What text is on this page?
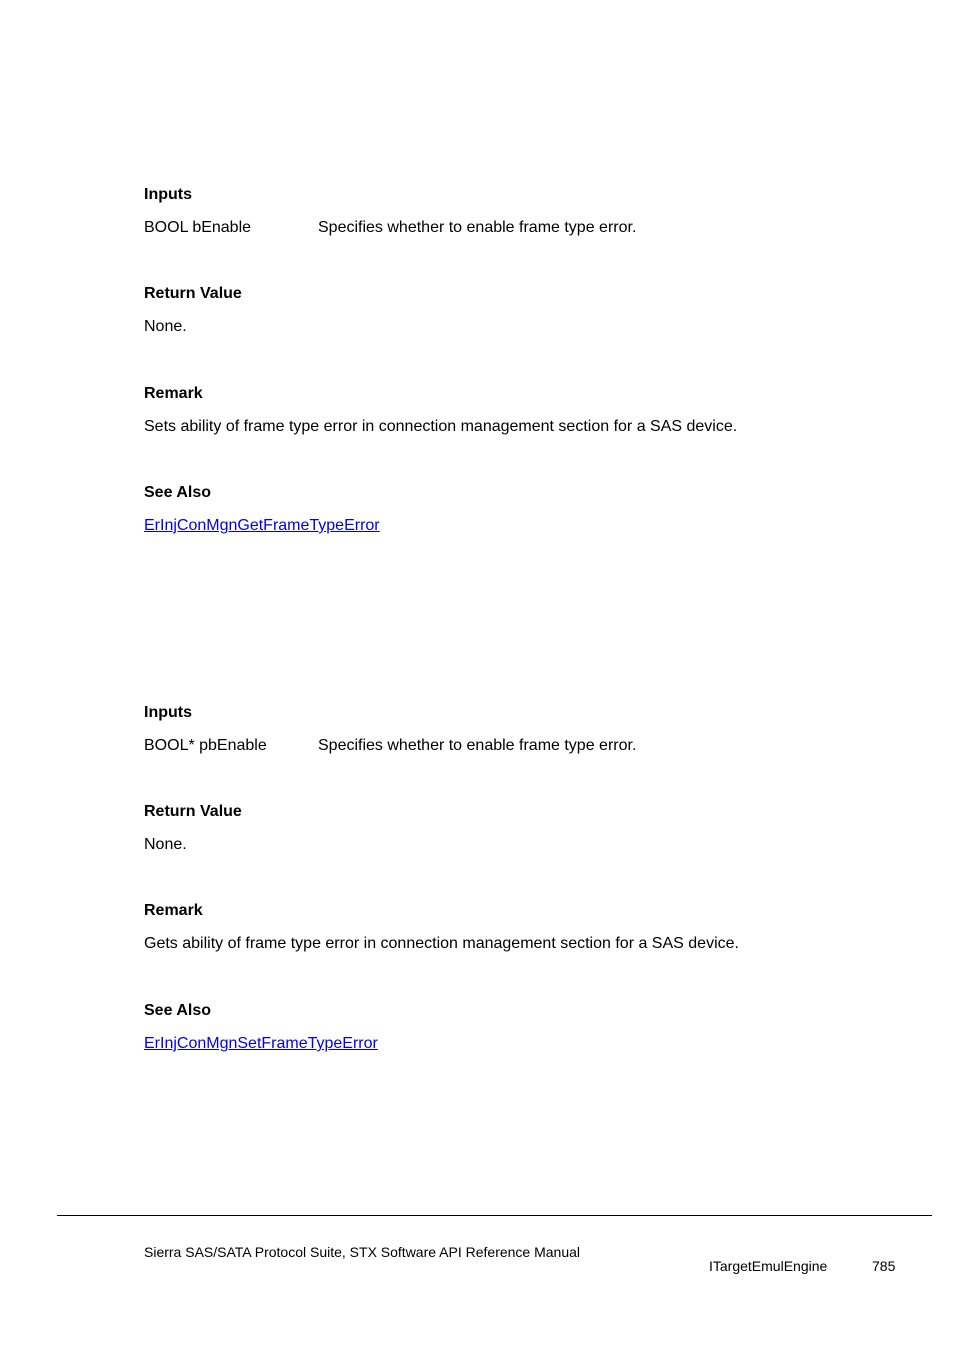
Inputs
BOOL bEnable	Specifies whether to enable frame type error.
Return Value
None.
Remark
Sets ability of frame type error in connection management section for a SAS device.
See Also
ErInjConMgnGetFrameTypeError
Inputs
BOOL* pbEnable	Specifies whether to enable frame type error.
Return Value
None.
Remark
Gets ability of frame type error in connection management section for a SAS device.
See Also
ErInjConMgnSetFrameTypeError
Sierra SAS/SATA Protocol Suite, STX Software API Reference Manual
ITargetEmulEngine	785
